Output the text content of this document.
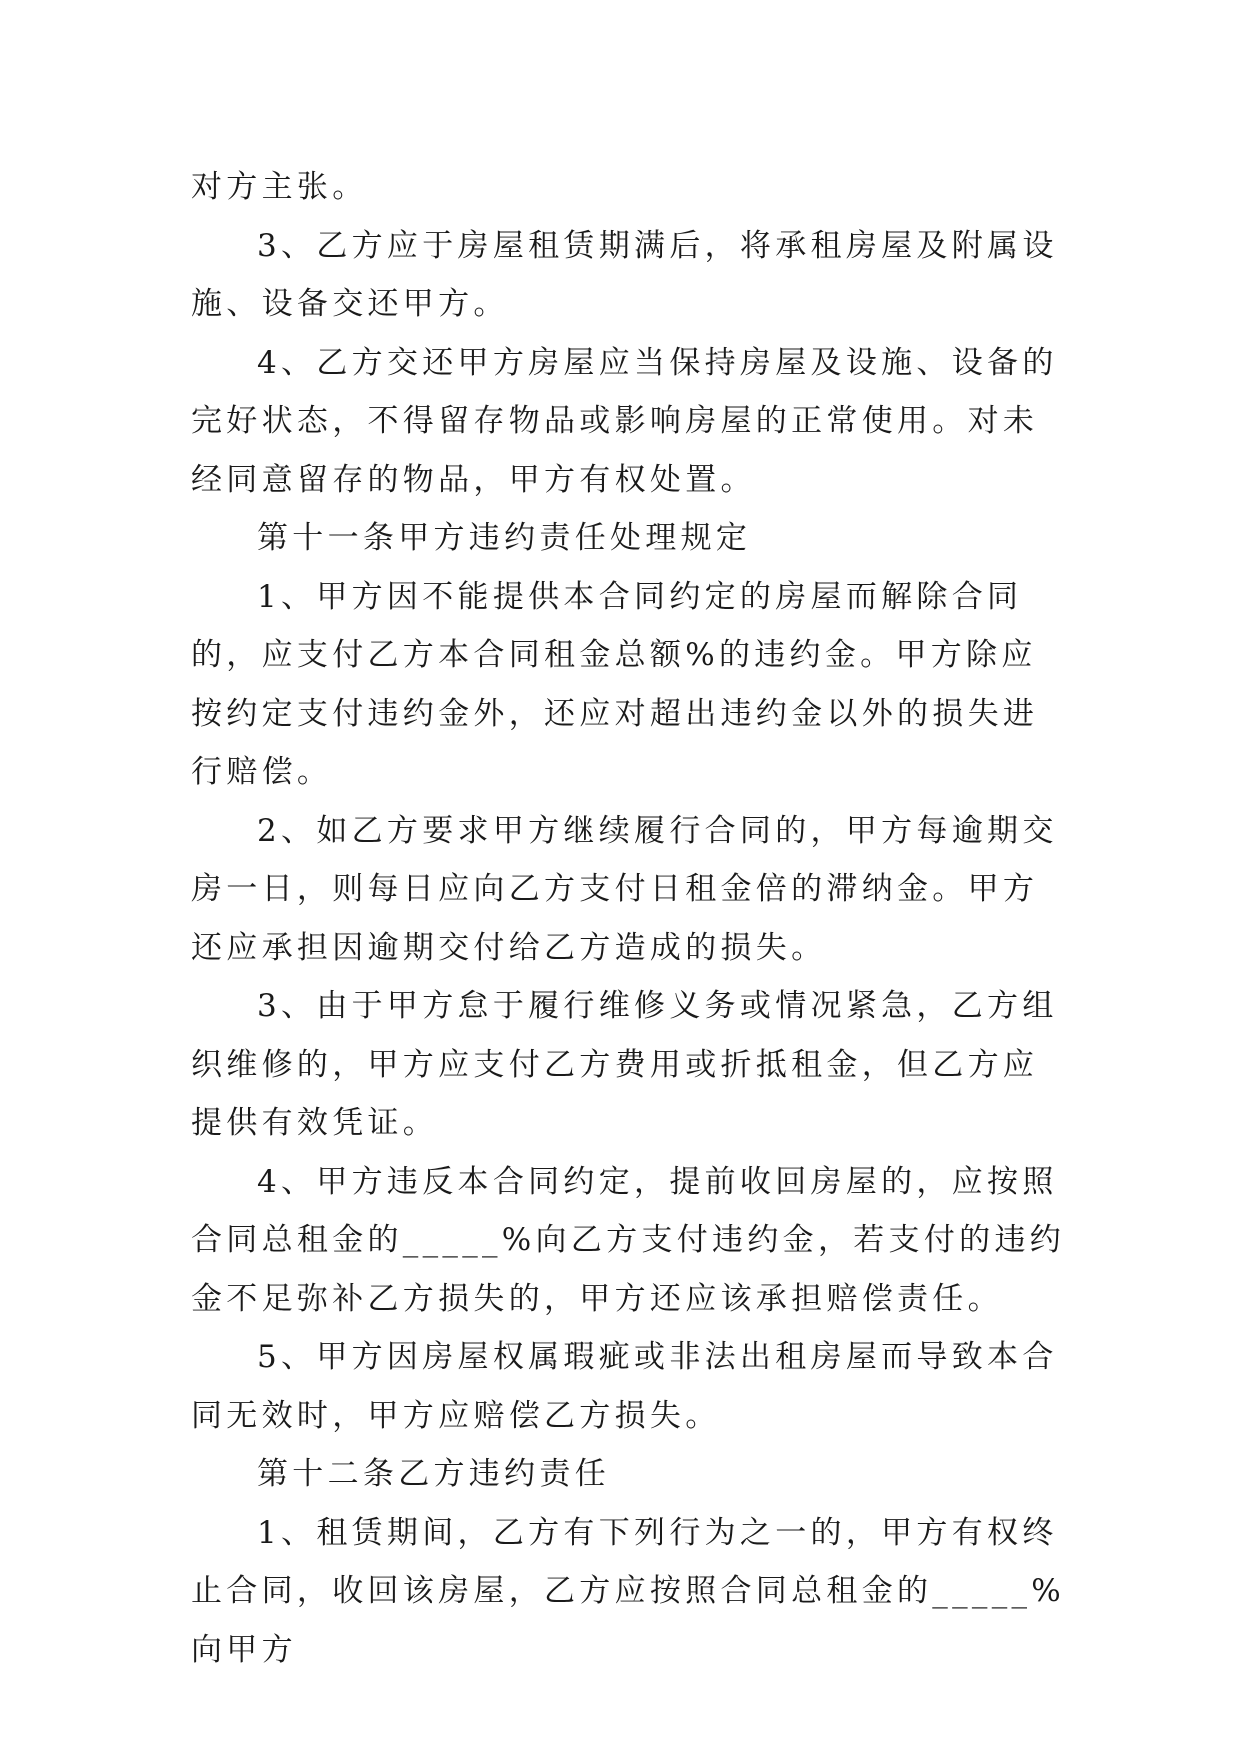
对方主张。

3、乙方应于房屋租赁期满后，将承租房屋及附属设施、设备交还甲方。

4、乙方交还甲方房屋应当保持房屋及设施、设备的完好状态，不得留存物品或影响房屋的正常使用。对未经同意留存的物品，甲方有权处置。

第十一条甲方违约责任处理规定

1、甲方因不能提供本合同约定的房屋而解除合同的，应支付乙方本合同租金总额%的违约金。甲方除应按约定支付违约金外，还应对超出违约金以外的损失进行赔偿。

2、如乙方要求甲方继续履行合同的，甲方每逾期交房一日，则每日应向乙方支付日租金倍的滞纳金。甲方还应承担因逾期交付给乙方造成的损失。

3、由于甲方怠于履行维修义务或情况紧急，乙方组织维修的，甲方应支付乙方费用或折抵租金，但乙方应提供有效凭证。

4、甲方违反本合同约定，提前收回房屋的，应按照合同总租金的_____%向乙方支付违约金，若支付的违约金不足弥补乙方损失的，甲方还应该承担赔偿责任。

5、甲方因房屋权属瑕疵或非法出租房屋而导致本合同无效时，甲方应赔偿乙方损失。

第十二条乙方违约责任

1、租赁期间，乙方有下列行为之一的，甲方有权终止合同，收回该房屋，乙方应按照合同总租金的_____%向甲方
